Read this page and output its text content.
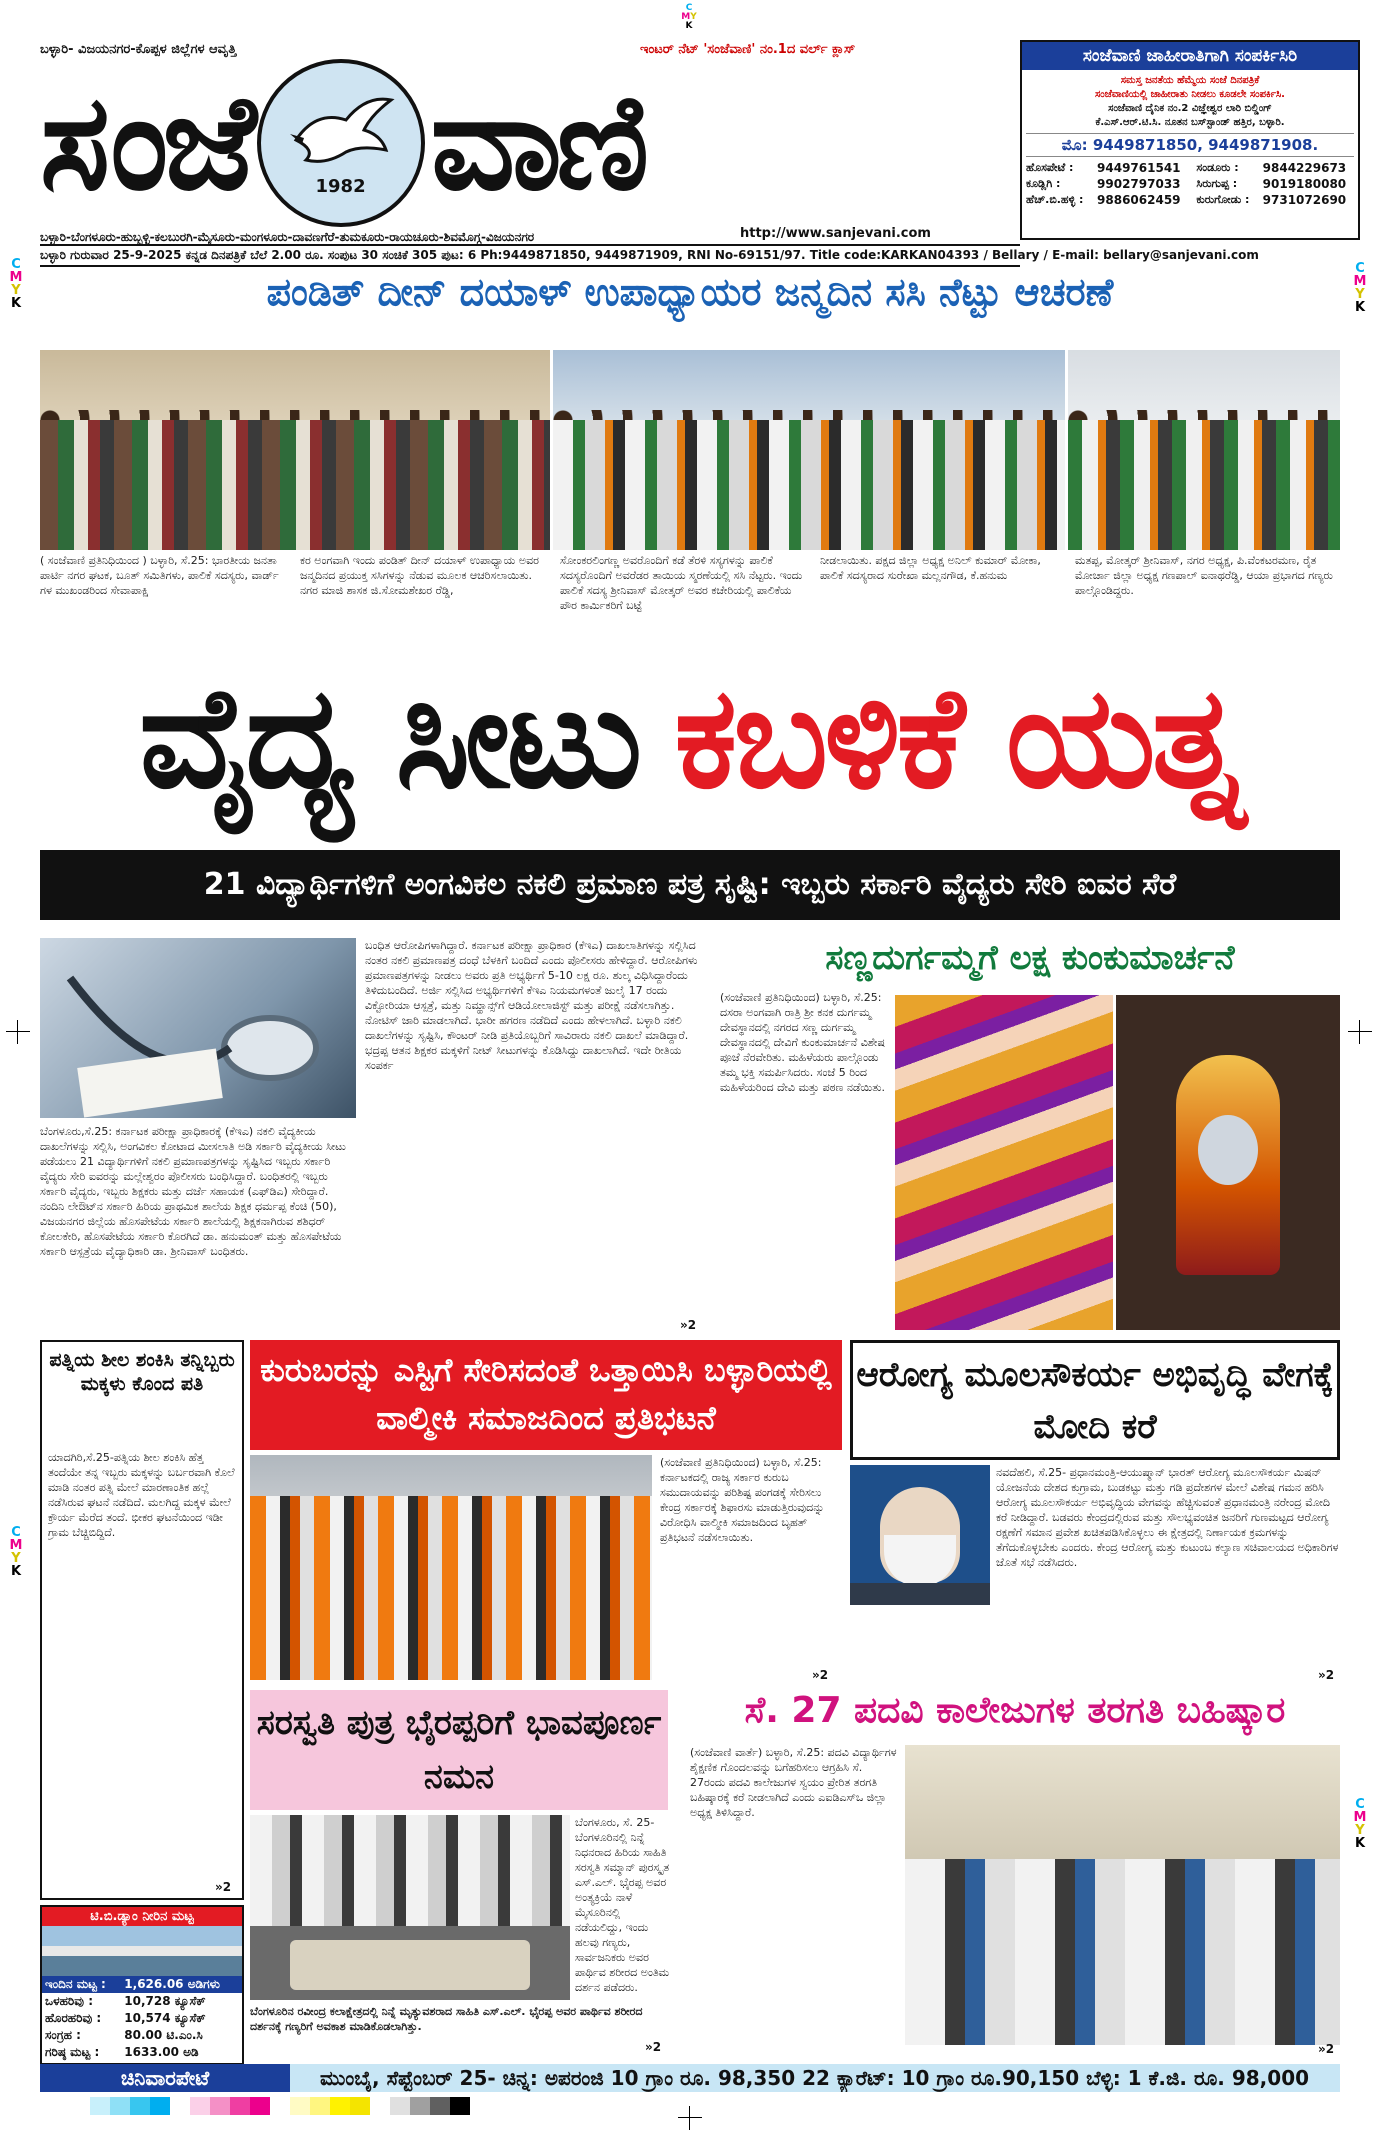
C
MY
K
C
M
Y
K
C
M
Y
K
C
M
Y
K
C
M
Y
K
ಬಳ್ಳಾರಿ- ವಿಜಯನಗರ-ಕೊಪ್ಪಳ ಜಿಲ್ಲೆಗಳ ಆವೃತ್ತಿ	ಇಂಟರ್ ನೆಟ್ 'ಸಂಜೆವಾಣಿ' ನಂ.1ದ ವರ್ಲ್ ಕ್ಲಾಸ್
ಸಂಜೆ	1982 ವಾಣಿ
ಸಂಜೆವಾಣಿ ಜಾಹೀರಾತಿಗಾಗಿ ಸಂಪರ್ಕಿಸಿರಿ
ಸಮಸ್ತ ಜನತೆಯ ಹೆಮ್ಮೆಯ ಸಂಜೆ ದಿನಪತ್ರಿಕೆ
ಸಂಜೆವಾಣಿಯಲ್ಲಿ ಜಾಹೀರಾತು ನೀಡಲು ಕೂಡಲೇ ಸಂಪರ್ಕಿಸಿ.
ಸಂಜೆವಾಣಿ ದೈನಿಕ ನಂ.2 ವಿಜ್ಞೇಶ್ವರ ಲಾರಿ ಬಿಲ್ಡಿಂಗ್
ಕೆ.ಎಸ್.ಆರ್.ಟಿ.ಸಿ. ನೂತನ ಬಸ್‌ಸ್ಟಾಂಡ್ ಹತ್ತಿರ, ಬಳ್ಳಾರಿ.
ಮೊ: 9449871850, 9449871908.
ಹೊಸಪೇಟೆ :	9449761541	ಸಂಡೂರು :	9844229673
ಕೂಡ್ಲಿಗಿ :	9902797033	ಸಿರುಗುಪ್ಪ :	9019180080
ಹೆಚ್.ಬಿ.ಹಳ್ಳಿ :	9886062459	ಕುರುಗೋಡು :	9731072690
ಬಳ್ಳಾರಿ-ಬೆಂಗಳೂರು-ಹುಬ್ಬಳ್ಳಿ-ಕಲಬುರಗಿ-ಮೈಸೂರು-ಮಂಗಳೂರು-ದಾವಣಗೆರೆ-ತುಮಕೂರು-ರಾಯಚೂರು-ಶಿವಮೊಗ್ಗ-ವಿಜಯನಗರ	http://www.sanjevani.com
ಬಳ್ಳಾರಿ ಗುರುವಾರ 25-9-2025 ಕನ್ನಡ ದಿನಪತ್ರಿಕೆ ಬೆಲೆ 2.00 ರೂ. ಸಂಪುಟ 30 ಸಂಚಿಕೆ 305 ಪುಟ: 6 Ph:9449871850, 9449871909, RNI No-69151/97. Title code:KARKAN04393 / Bellary / E-mail: bellary@sanjevani.com
ಪಂಡಿತ್ ದೀನ್ ದಯಾಳ್ ಉಪಾಧ್ಯಾಯರ ಜನ್ಮದಿನ ಸಸಿ ನೆಟ್ಟು ಆಚರಣೆ
( ಸಂಜೆವಾಣಿ ಪ್ರತಿನಿಧಿಯಿಂದ ) ಬಳ್ಳಾರಿ, ಸೆ.25: ಭಾರತೀಯ ಜನತಾ ಪಾರ್ಟಿ ನಗರ ಘಟಕ, ಬೂತ್ ಸಮಿತಿಗಳು, ಪಾಲಿಕೆ ಸದಸ್ಯರು, ವಾರ್ಡ್ ಗಳ ಮುಖಂಡರಿಂದ ಸೇವಾಪಾಕ್ಷಿ
ಕರ ಅಂಗವಾಗಿ ಇಂದು ಪಂಡಿತ್ ದೀನ್ ದಯಾಳ್ ಉಪಾಧ್ಯಾಯ ಅವರ ಜನ್ಮದಿನದ ಪ್ರಯುಕ್ತ ಸಸಿಗಳನ್ನು ನೆಡುವ ಮೂಲಕ ಆಚರಿಸಲಾಯಿತು. ನಗರ ಮಾಜಿ ಶಾಸಕ ಜಿ.ಸೋಮಶೇಖರ ರೆಡ್ಡಿ,
ಸೋಂಕರಲಿಂಗಣ್ಣ ಅವರೊಂದಿಗೆ ಕಡೆ ತೆರಳಿ ಸಸ್ಯಗಳನ್ನು ಪಾಲಿಕೆ ಸದಸ್ಯರೊಂದಿಗೆ ಅವರೆಡರ ತಾಯಿಯ ಸ್ಮರಣೆಯಲ್ಲಿ ಸಸಿ ನೆಟ್ಟರು. ಇಂದು ಪಾಲಿಕೆ ಸದಸ್ಯ ಶ್ರೀನಿವಾಸ್ ಮೋತ್ಕರ್ ಅವರ ಕಚೇರಿಯಲ್ಲಿ ಪಾಲಿಕೆಯ ಪೌರ ಕಾರ್ಮಿಕರಿಗೆ ಬಟ್ಟೆ
ನೀಡಲಾಯಿತು. ಪಕ್ಷದ ಜಿಲ್ಲಾ ಅಧ್ಯಕ್ಷ ಅನಿಲ್ ಕುಮಾರ್ ಮೋಕಾ, ಪಾಲಿಕೆ ಸದಸ್ಯರಾದ ಸುರೇಖಾ ಮಲ್ಲನಗೌಡ, ಕೆ.ಹನುಮ
ಮತಪ್ಪ, ಮೋತ್ಕರ್ ಶ್ರೀನಿವಾಸ್, ನಗರ ಅಧ್ಯಕ್ಷ, ಪಿ.ವೆಂಕಟರಮಣ, ರೈತ ಮೋರ್ಚಾ ಜಿಲ್ಲಾ ಅಧ್ಯಕ್ಷ ಗಣಪಾಲ್ ಐನಾಥರೆಡ್ಡಿ, ಆಯಾ ಪ್ರಭಾಗದ ಗಣ್ಯರು ಪಾಲ್ಗೊಂಡಿದ್ದರು.
ವೈದ್ಯ ಸೀಟು ಕಬಳಿಕೆ ಯತ್ನ
21 ವಿದ್ಯಾರ್ಥಿಗಳಿಗೆ ಅಂಗವಿಕಲ ನಕಲಿ ಪ್ರಮಾಣ ಪತ್ರ ಸೃಷ್ಟಿ: ಇಬ್ಬರು ಸರ್ಕಾರಿ ವೈದ್ಯರು ಸೇರಿ ಐವರ ಸೆರೆ
ಬೆಂಗಳೂರು,ಸೆ.25: ಕರ್ನಾಟಕ ಪರೀಕ್ಷಾ ಪ್ರಾಧಿಕಾರಕ್ಕೆ (ಕೆಇಎ) ನಕಲಿ ವೈದ್ಯಕೀಯ ದಾಖಲೆಗಳನ್ನು ಸಲ್ಲಿಸಿ, ಅಂಗವಿಕಲ ಕೋಟಾದ ಮೀಸಲಾತಿ ಅಡಿ ಸರ್ಕಾರಿ ವೈದ್ಯಕೀಯ ಸೀಟು ಪಡೆಯಲು 21 ವಿದ್ಯಾರ್ಥಿಗಳಿಗೆ ನಕಲಿ ಪ್ರಮಾಣಪತ್ರಗಳನ್ನು ಸೃಷ್ಟಿಸಿದ ಇಬ್ಬರು ಸರ್ಕಾರಿ ವೈದ್ಯರು ಸೇರಿ ಐವರನ್ನು ಮಲ್ಲೇಶ್ವರಂ ಪೊಲೀಸರು ಬಂಧಿಸಿದ್ದಾರೆ. ಬಂಧಿತರಲ್ಲಿ ಇಬ್ಬರು ಸರ್ಕಾರಿ ವೈದ್ಯರು, ಇಬ್ಬರು ಶಿಕ್ಷಕರು ಮತ್ತು ದರ್ಜೆ ಸಹಾಯಕ (ಎಫ್‌ಡಿಎ) ಸೇರಿದ್ದಾರೆ. ನಂದಿನಿ ಲೇಔಟ್‌ನ ಸರ್ಕಾರಿ ಹಿರಿಯ ಪ್ರಾಥಮಿಕ ಶಾಲೆಯ ಶಿಕ್ಷಕ ಧರ್ಮಪ್ಪ ಕೆಂಚಿ (50), ವಿಜಯನಗರ ಜಿಲ್ಲೆಯ ಹೊಸಪೇಟೆಯ ಸರ್ಕಾರಿ ಶಾಲೆಯಲ್ಲಿ ಶಿಕ್ಷಕನಾಗಿರುವ ಶಶಿಧರ್ ಕೋಲಕೇರಿ, ಹೊಸಪೇಟೆಯ ಸರ್ಕಾರಿ ಕೊರಗಿದೆ ಡಾ. ಹನುಮಂತ್ ಮತ್ತು ಹೊಸಪೇಟೆಯ ಸರ್ಕಾರಿ ಆಸ್ಪತ್ರೆಯ ವೈದ್ಯಾಧಿಕಾರಿ ಡಾ. ಶ್ರೀನಿವಾಸ್ ಬಂಧಿತರು.
ಬಂಧಿತ ಆರೋಪಿಗಳಾಗಿದ್ದಾರೆ. ಕರ್ನಾಟಕ ಪರೀಕ್ಷಾ ಪ್ರಾಧಿಕಾರ (ಕೆಇಎ) ದಾಖಲಾತಿಗಳನ್ನು ಸಲ್ಲಿಸಿದ ನಂತರ ನಕಲಿ ಪ್ರಮಾಣಪತ್ರ ದಂಧೆ ಬೆಳಕಿಗೆ ಬಂದಿದೆ ಎಂದು ಪೊಲೀಸರು ಹೇಳಿದ್ದಾರೆ. ಆರೋಪಿಗಳು ಪ್ರಮಾಣಪತ್ರಗಳನ್ನು ನೀಡಲು ಅವರು ಪ್ರತಿ ಅಭ್ಯರ್ಥಿಗೆ 5-10 ಲಕ್ಷ ರೂ. ಶುಲ್ಕ ವಿಧಿಸಿದ್ದಾರೆಂದು ತಿಳಿದುಬಂದಿದೆ. ಅರ್ಜಿ ಸಲ್ಲಿಸಿದ ಅಭ್ಯರ್ಥಿಗಳಿಗೆ ಕೆಇಎ ನಿಯಮಗಳಂತೆ ಜುಲೈ 17 ರಂದು ವಿಕ್ಟೋರಿಯಾ ಆಸ್ಪತ್ರೆ, ಮತ್ತು ನಿಮ್ಹಾನ್ಸ್‌ಗೆ ಆಡಿಯೋಲಾಜಿಸ್ಟ್ ಮತ್ತು ಪರೀಕ್ಷೆ ನಡೆಸಲಾಗಿತ್ತು. ನೋಟಿಸ್ ಜಾರಿ ಮಾಡಲಾಗಿದೆ. ಭಾರೀ ಹಗರಣ ನಡೆದಿದೆ ಎಂದು ಹೇಳಲಾಗಿದೆ. ಬಳ್ಳಾರಿ ನಕಲಿ ದಾಖಲೆಗಳನ್ನು ಸೃಷ್ಟಿಸಿ, ಕೌಂಟರ್ ನೀಡಿ ಪ್ರತಿಯೊಬ್ಬರಿಗೆ ಸಾವಿರಾರು ನಕಲಿ ದಾಖಲೆ ಮಾಡಿದ್ದಾರೆ. ಭದ್ರಪ್ಪ ಆತನ ಶಿಕ್ಷಕರ ಮಕ್ಕಳಿಗೆ ನೀಟ್ ಸೀಟುಗಳನ್ನು ಕೊಡಿಸಿದ್ದು ದಾಖಲಾಗಿದೆ. ಇದೇ ರೀತಿಯ ಸಂಪರ್ಕ
»2
ಸಣ್ಣದುರ್ಗಮ್ಮಗೆ ಲಕ್ಷ ಕುಂಕುಮಾರ್ಚನೆ
(ಸಂಜೆವಾಣಿ ಪ್ರತಿನಿಧಿಯಿಂದ) ಬಳ್ಳಾರಿ, ಸೆ.25: ದಸರಾ ಅಂಗವಾಗಿ ರಾತ್ರಿ ಶ್ರೀ ಕನಕ ದುರ್ಗಮ್ಮ ದೇವಸ್ಥಾನದಲ್ಲಿ ನಗರದ ಸಣ್ಣ ದುರ್ಗಮ್ಮ ದೇವಸ್ಥಾನದಲ್ಲಿ ದೇವಿಗೆ ಕುಂಕುಮಾರ್ಚನೆ ವಿಶೇಷ ಪೂಜೆ ನೆರವೇರಿತು. ಮಹಿಳೆಯರು ಪಾಲ್ಗೊಂಡು ತಮ್ಮ ಭಕ್ತಿ ಸಮರ್ಪಿಸಿದರು. ಸಂಜೆ 5 ರಿಂದ ಮಹಿಳೆಯರಿಂದ ದೇವಿ ಮತ್ತು ಪಠಣ ನಡೆಯಿತು.
ಪತ್ನಿಯ ಶೀಲ ಶಂಕಿಸಿ ತನ್ನಿಬ್ಬರು ಮಕ್ಕಳು ಕೊಂದ ಪತಿ
ಯಾದಗಿರಿ,ಸೆ.25-ಪತ್ನಿಯ ಶೀಲ ಶಂಕಿಸಿ ಹೆತ್ತ ತಂದೆಯೇ ತನ್ನ ಇಬ್ಬರು ಮಕ್ಕಳನ್ನು ಬರ್ಬರವಾಗಿ ಕೊಲೆ ಮಾಡಿ ನಂತರ ಪತ್ನಿ ಮೇಲೆ ಮಾರಣಾಂತಿಕ ಹಲ್ಲೆ ನಡೆಸಿರುವ ಘಟನೆ ನಡೆದಿದೆ. ಮಲಗಿದ್ದ ಮಕ್ಕಳ ಮೇಲೆ ಕ್ರೌರ್ಯ ಮೆರೆದ ತಂದೆ. ಭೀಕರ ಘಟನೆಯಿಂದ ಇಡೀ ಗ್ರಾಮ ಬೆಚ್ಚಿಬಿದ್ದಿದೆ.
»2
ಕುರುಬರನ್ನು ಎಸ್ಟಿಗೆ ಸೇರಿಸದಂತೆ ಒತ್ತಾಯಿಸಿ ಬಳ್ಳಾರಿಯಲ್ಲಿ ವಾಲ್ಮೀಕಿ ಸಮಾಜದಿಂದ ಪ್ರತಿಭಟನೆ
(ಸಂಜೆವಾಣಿ ಪ್ರತಿನಿಧಿಯಿಂದ) ಬಳ್ಳಾರಿ, ಸೆ.25: ಕರ್ನಾಟಕದಲ್ಲಿ ರಾಜ್ಯ ಸರ್ಕಾರ ಕುರುಬ ಸಮುದಾಯವನ್ನು ಪರಿಶಿಷ್ಟ ಪಂಗಡಕ್ಕೆ ಸೇರಿಸಲು ಕೇಂದ್ರ ಸರ್ಕಾರಕ್ಕೆ ಶಿಫಾರಸು ಮಾಡುತ್ತಿರುವುದನ್ನು ವಿರೋಧಿಸಿ ವಾಲ್ಮೀಕಿ ಸಮಾಜದಿಂದ ಬೃಹತ್ ಪ್ರತಿಭಟನೆ ನಡೆಸಲಾಯಿತು.
»2
ಆರೋಗ್ಯ ಮೂಲಸೌಕರ್ಯ ಅಭಿವೃದ್ಧಿ ವೇಗಕ್ಕೆ ಮೋದಿ ಕರೆ
ನವದೆಹಲಿ, ಸೆ.25- ಪ್ರಧಾನಮಂತ್ರಿ-ಆಯುಷ್ಮಾನ್ ಭಾರತ್ ಆರೋಗ್ಯ ಮೂಲಸೌಕರ್ಯ ಮಿಷನ್ ಯೋಜನೆಯ ದೇಶದ ಕುಗ್ರಾಮ, ಬುಡಕಟ್ಟು ಮತ್ತು ಗಡಿ ಪ್ರದೇಶಗಳ ಮೇಲೆ ವಿಶೇಷ ಗಮನ ಹರಿಸಿ ಆರೋಗ್ಯ ಮೂಲಸೌಕರ್ಯ ಅಭಿವೃದ್ಧಿಯ ವೇಗವನ್ನು ಹೆಚ್ಚಿಸುವಂತೆ ಪ್ರಧಾನಮಂತ್ರಿ ನರೇಂದ್ರ ಮೋದಿ ಕರೆ ನೀಡಿದ್ದಾರೆ. ಬಡವರು ಕೇಂದ್ರದಲ್ಲಿರುವ ಮತ್ತು ಸೌಲಭ್ಯವಂಚಿತ ಜನರಿಗೆ ಗುಣಮಟ್ಟದ ಆರೋಗ್ಯ ರಕ್ಷಣೆಗೆ ಸಮಾನ ಪ್ರವೇಶ ಖಚಿತಪಡಿಸಿಕೊಳ್ಳಲು ಈ ಕ್ಷೇತ್ರದಲ್ಲಿ ನಿರ್ಣಾಯಕ ಕ್ರಮಗಳನ್ನು ತೆಗೆದುಕೊಳ್ಳಬೇಕು ಎಂದರು. ಕೇಂದ್ರ ಆರೋಗ್ಯ ಮತ್ತು ಕುಟುಂಬ ಕಲ್ಯಾಣ ಸಚಿವಾಲಯದ ಅಧಿಕಾರಿಗಳ ಜೊತೆ ಸಭೆ ನಡೆಸಿದರು.
»2
ಸರಸ್ವತಿ ಪುತ್ರ ಭೈರಪ್ಪರಿಗೆ ಭಾವಪೂರ್ಣ ನಮನ
ಬೆಂಗಳೂರು, ಸೆ. 25- ಬೆಂಗಳೂರಿನಲ್ಲಿ ನಿನ್ನೆ ನಿಧನರಾದ ಹಿರಿಯ ಸಾಹಿತಿ ಸರಸ್ವತಿ ಸಮ್ಮಾನ್ ಪುರಸ್ಕೃತ ಎಸ್.ಎಲ್. ಭೈರಪ್ಪ ಅವರ ಅಂತ್ಯಕ್ರಿಯೆ ನಾಳೆ ಮೈಸೂರಿನಲ್ಲಿ ನಡೆಯಲಿದ್ದು, ಇಂದು ಹಲವು ಗಣ್ಯರು, ಸಾರ್ವಜನಿಕರು ಅವರ ಪಾರ್ಥಿವ ಶರೀರದ ಅಂತಿಮ ದರ್ಶನ ಪಡೆದರು.
ಬೆಂಗಳೂರಿನ ರವೀಂದ್ರ ಕಲಾಕ್ಷೇತ್ರದಲ್ಲಿ ನಿನ್ನೆ ಮೃತ್ಯುವಶರಾದ ಸಾಹಿತಿ ಎಸ್.ಎಲ್. ಭೈರಪ್ಪ ಅವರ ಪಾರ್ಥಿವ ಶರೀರದ ದರ್ಶನಕ್ಕೆ ಗಣ್ಯರಿಗೆ ಅವಕಾಶ ಮಾಡಿಕೊಡಲಾಗಿತ್ತು.
»2
ಸೆ. 27 ಪದವಿ ಕಾಲೇಜುಗಳ ತರಗತಿ ಬಹಿಷ್ಕಾರ
(ಸಂಜೆವಾಣಿ ವಾರ್ತೆ) ಬಳ್ಳಾರಿ, ಸೆ.25: ಪದವಿ ವಿದ್ಯಾರ್ಥಿಗಳ ಶೈಕ್ಷಣಿಕ ಗೊಂದಲವನ್ನು ಬಗೆಹರಿಸಲು ಆಗ್ರಹಿಸಿ ಸೆ. 27ರಂದು ಪದವಿ ಕಾಲೇಜುಗಳ ಸ್ವಯಂ ಪ್ರೇರಿತ ತರಗತಿ ಬಹಿಷ್ಕಾರಕ್ಕೆ ಕರೆ ನೀಡಲಾಗಿದೆ ಎಂದು ಎಐಡಿಎಸ್‌ಒ ಜಿಲ್ಲಾ ಅಧ್ಯಕ್ಷ ತಿಳಿಸಿದ್ದಾರೆ.
»2
ಟಿ.ಬಿ.ಡ್ಯಾಂ ನೀರಿನ ಮಟ್ಟ
ಇಂದಿನ ಮಟ್ಟ :	1,626.06 ಅಡಿಗಳು
ಒಳಹರಿವು :	10,728 ಕ್ಯೂಸೆಕ್
ಹೊರಹರಿವು :	10,574 ಕ್ಯೂಸೆಕ್
ಸಂಗ್ರಹ :	80.00 ಟಿ.ಎಂ.ಸಿ
ಗರಿಷ್ಠ ಮಟ್ಟ :	1633.00 ಅಡಿ
ಚಿನಿವಾರಪೇಟೆ	ಮುಂಬೈ, ಸೆಪ್ಟೆಂಬರ್ 25- ಚಿನ್ನ: ಅಪರಂಜಿ 10 ಗ್ರಾಂ ರೂ. 98,350 22 ಕ್ಯಾರೆಟ್: 10 ಗ್ರಾಂ ರೂ.90,150 ಬೆಳ್ಳಿ: 1 ಕೆ.ಜಿ. ರೂ. 98,000
